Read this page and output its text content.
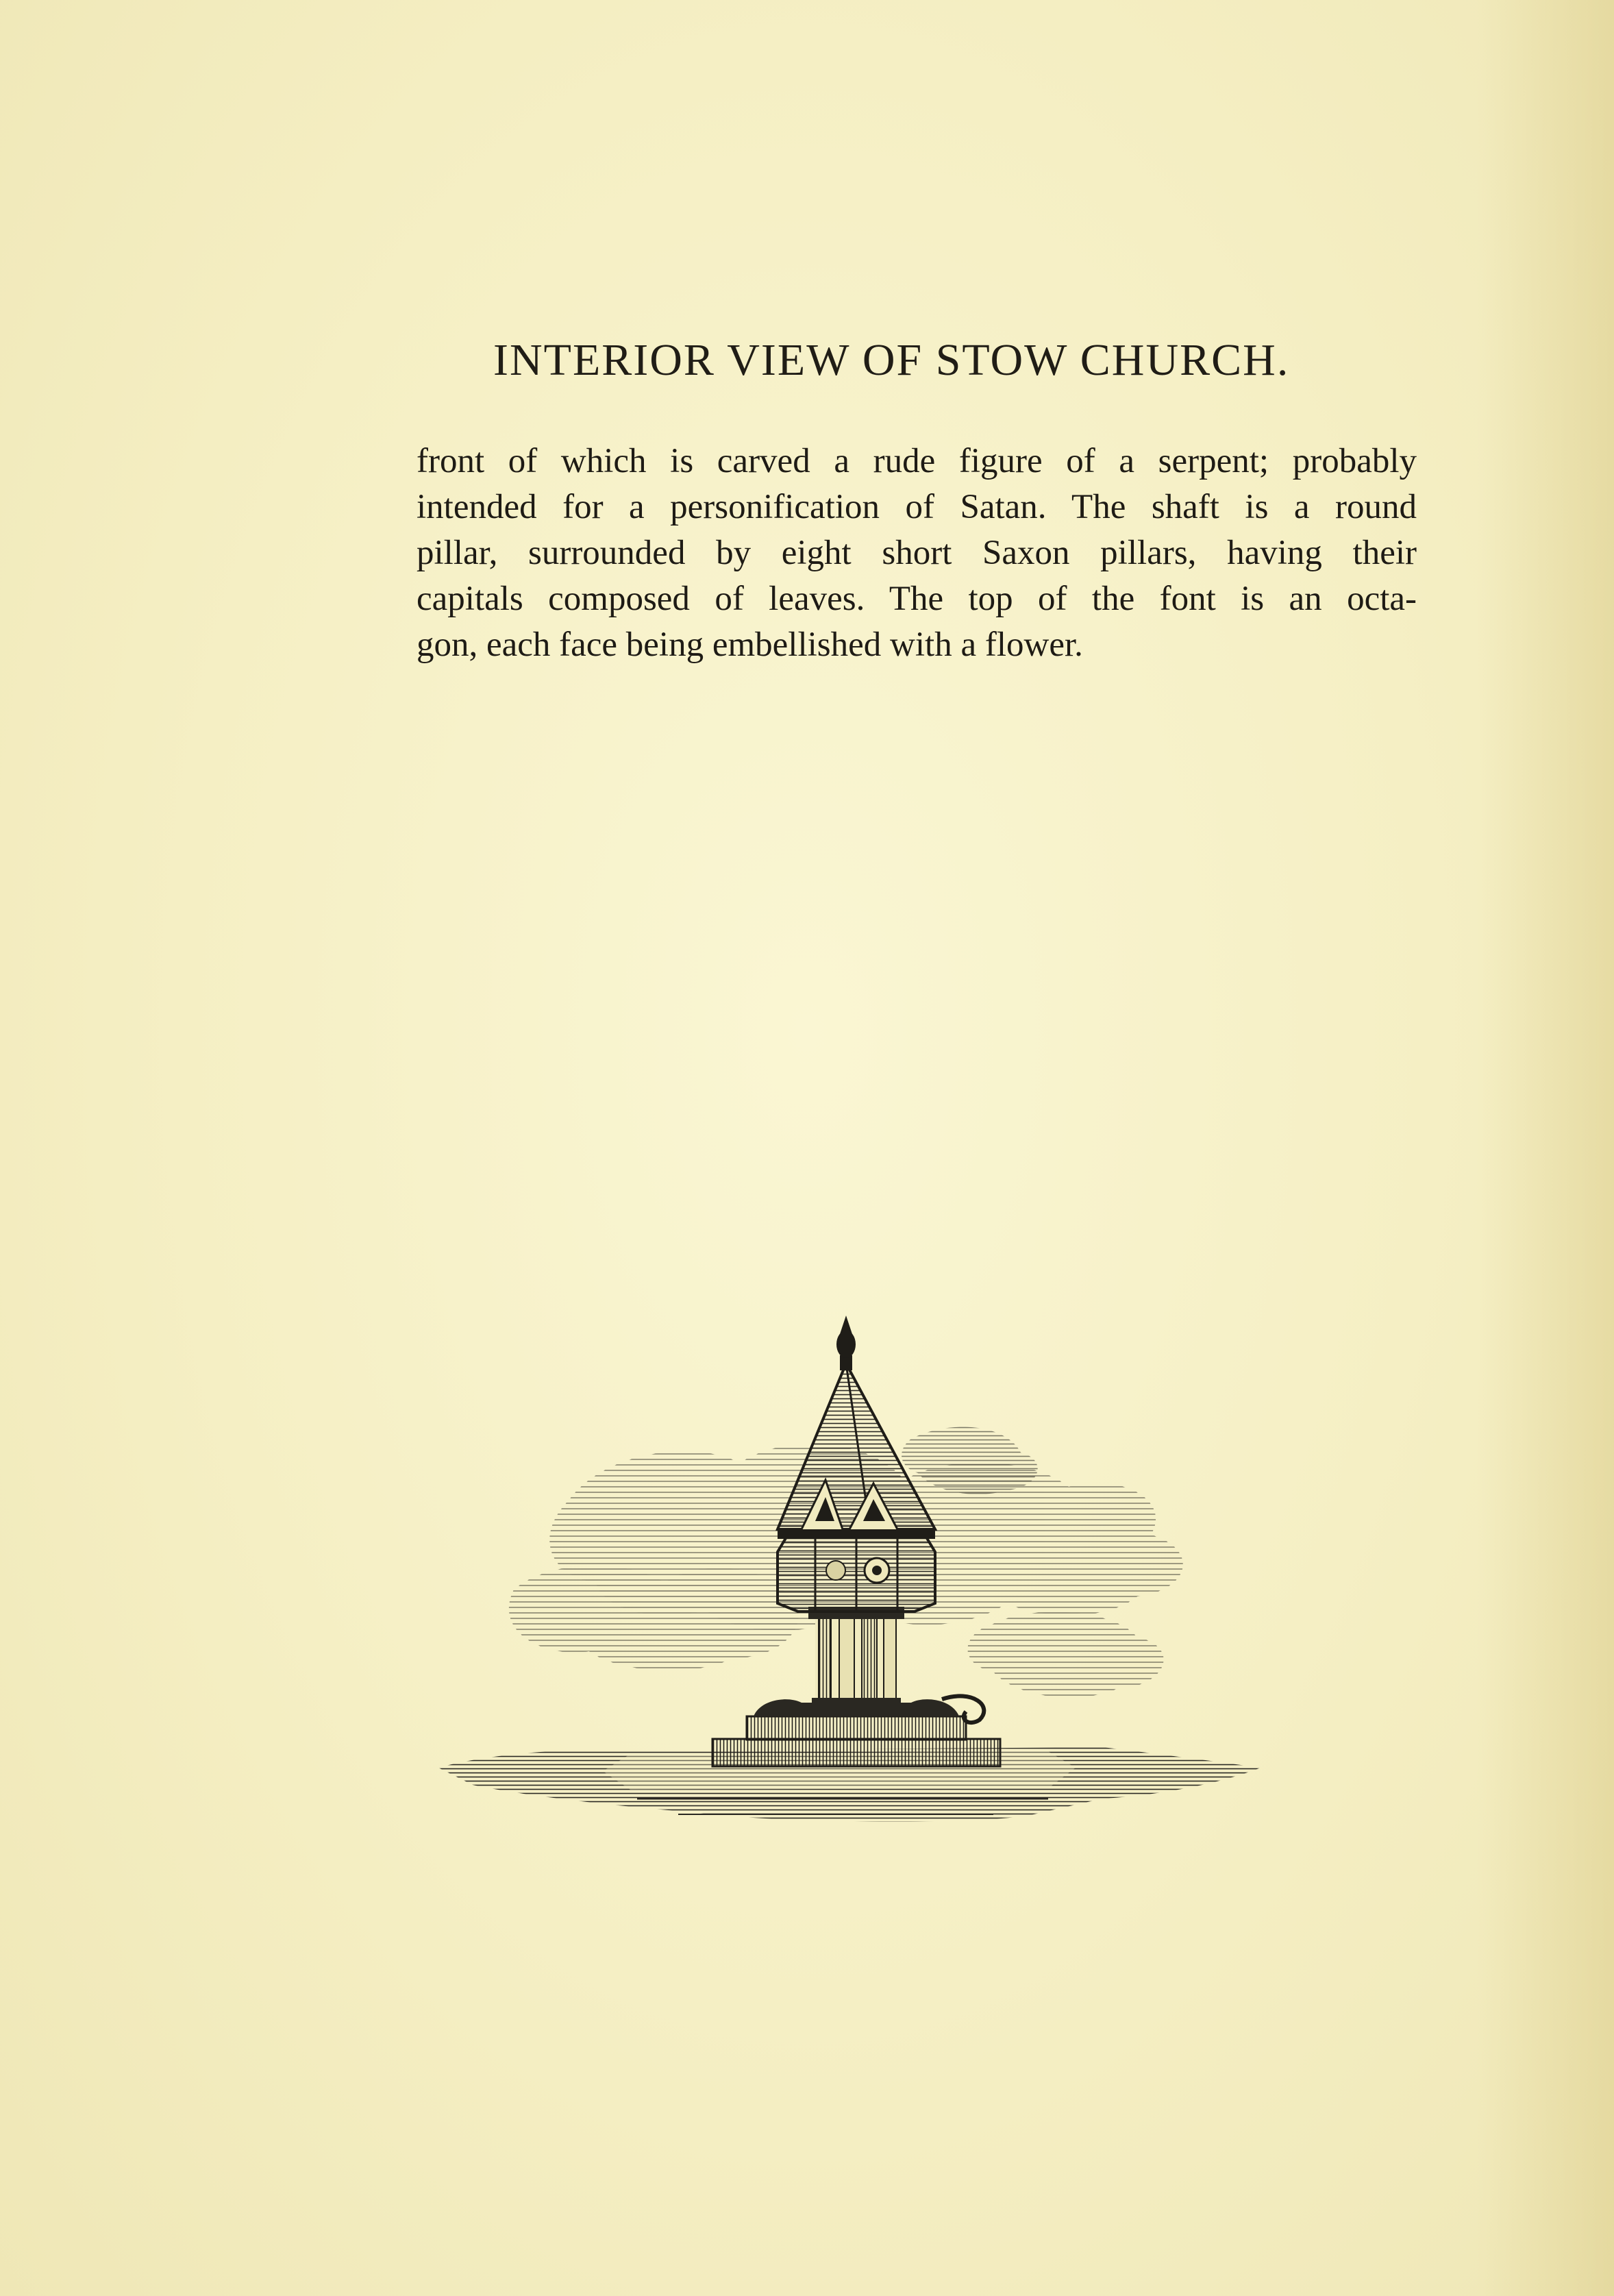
INTERIOR VIEW OF STOW CHURCH.
front of which is carved a rude figure of a serpent; probably
intended for a personification of Satan. The shaft is a round
pillar, surrounded by eight short Saxon pillars, having their
capitals composed of leaves. The top of the font is an octa-
gon, each face being embellished with a flower.
